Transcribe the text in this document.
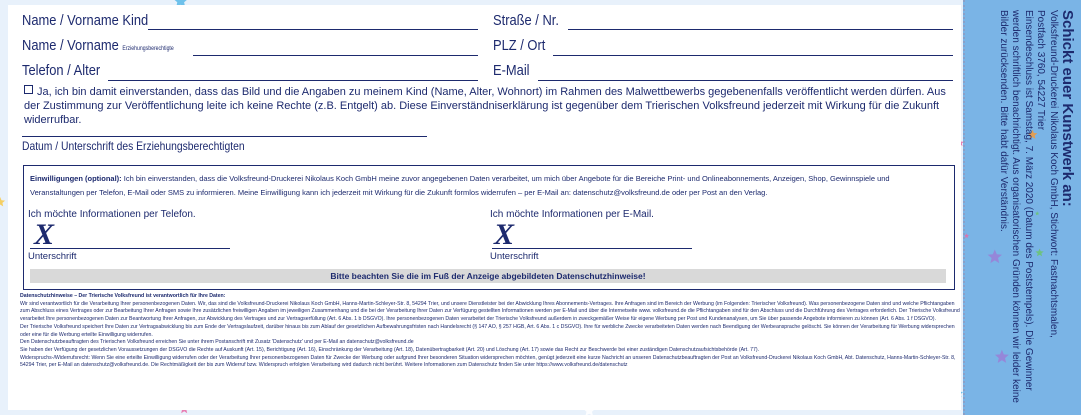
Name / Vorname Kind
Name / Vorname Erziehungsberechtigte
Telefon / Alter
Straße / Nr.
PLZ / Ort
E-Mail
Ja, ich bin damit einverstanden, dass das Bild und die Angaben zu meinem Kind (Name, Alter, Wohnort) im Rahmen des Malwettbewerbs gegebenenfalls veröffentlicht werden dürfen. Aus der Zustimmung zur Veröffentlichung leite ich keine Rechte (z.B. Entgelt) ab. Diese Einverständniserklärung ist gegenüber dem Trierischen Volksfreund jederzeit mit Wirkung für die Zukunft widerrufbar.
Datum / Unterschrift des Erziehungsberechtigten
Einwilligungen (optional): Ich bin einverstanden, dass die Volksfreund-Druckerei Nikolaus Koch GmbH meine zuvor angegebenen Daten verarbeitet, um mich über Angebote für die Bereiche Print- und Onlineabonnements, Anzeigen, Shop, Gewinnspiele und Veranstaltungen per Telefon, E-Mail oder SMS zu informieren. Meine Einwilligung kann ich jederzeit mit Wirkung für die Zukunft formlos widerrufen – per E-Mail an: datenschutz@volksfreund.de oder per Post an den Verlag.
Ich möchte Informationen per Telefon.
X
Unterschrift
Ich möchte Informationen per E-Mail.
X
Unterschrift
Bitte beachten Sie die im Fuß der Anzeige abgebildeten Datenschutzhinweise!

Datenschutzhinweise – Der Trierische Volksfreund ist verantwortlich für Ihre Daten:

Wir sind verantwortlich für die Verarbeitung Ihrer personenbezogenen Daten. Wir, das sind die Volksfreund-Druckerei Nikolaus Koch GmbH, Hanns-Martin-Schleyer-Str. 8, 54294 Trier, und unsere Dienstleister bei der Abwicklung Ihres Abonnements-Vertrages. Ihre Anfragen sind im Bereich der Werbung (im Folgenden: Trierischer Volksfreund). Was personenbezogene Daten sind und welche Pflichtangaben zum Abschluss eines Vertrages oder zur Bearbeitung Ihrer Anfragen sowie Ihre zusätzlichen freiwilligen Angaben im jeweiligen Zusammenhang und die bei der Verarbeitung Ihrer Daten zur Verfügung gestellten Informationen werden per E-Mail und über die Internetseite www. volksfreund.de die Pflichtangaben sind für den Abschluss und die Durchführung des Vertrages erforderlich. Der Trierische Volksfreund verarbeitet Ihre personenbezogenen Daten zur Beantwortung Ihrer Anfragen, zur Abwicklung des Vertrages und zur Vertragserfüllung (Art. 6 Abs. 1 b DSGVO). Ihre personenbezogenen Daten verarbeitet der Trierische Volksfreund außerdem in zweckgemäßer Weise für eigene Werbung per Post und Kundenanalysen, um Sie über passende Angebote informieren zu können (Art. 6 Abs. 1 f DSGVO).

Der Trierische Volksfreund speichert Ihre Daten zur Vertragsabwicklung bis zum Ende der Vertragslaufzeit, darüber hinaus bis zum Ablauf der gesetzlichen Aufbewahrungsfristen nach Handelsrecht (§ 147 AO, § 257 HGB, Art. 6 Abs. 1 c DSGVO). Ihre für werbliche Zwecke verarbeiteten Daten werden nach Beendigung der Werbeansprache gelöscht. Sie können der Verarbeitung für Werbung widersprechen oder eine für die Werbung erteilte Einwilligung widerrufen.

Den Datenschutzbeauftragten des Trierischen Volksfreund erreichen Sie unter ihrem Postanschrift mit Zusatz 'Datenschutz' und per E-Mail an datenschutz@volksfreund.de

Sie haben der Verfügung der gesetzlichen Voraussetzungen der DSGVO die Rechte auf Auskunft (Art. 15), Berichtigung (Art. 16), Einschränkung der Verarbeitung (Art. 18), Datenübertragbarkeit (Art. 20) und Löschung (Art. 17) sowie das Recht zur Beschwerde bei einer zuständigen Datenschutzaufsichtsbehörde (Art. 77).

Widerspruchs-/Widerrufsrecht: Wenn Sie eine erteilte Einwilligung widerrufen oder der Verarbeitung Ihrer personenbezogenen Daten für Zwecke der Werbung oder aufgrund Ihrer besonderen Situation widersprechen möchten, genügt jederzeit eine kurze Nachricht an unseren Datenschutzbeauftragten der Post an Volksfreund-Druckerei Nikolaus Koch GmbH, Abt. Datenschutz, Hanns-Martin-Schleyer-Str. 8, 54294 Trier, per E-Mail an datenschutz@volksfreund.de. Die Rechtmäßigkeit der bis zum Widerruf bzw. Widerspruch erfolgten Verarbeitung wird dadurch nicht berührt. Weitere Informationen zum Datenschutz finden Sie unter https://www.volksfreund.de/datenschutz

Schickt euer Kunstwerk an:
Volksfreund-Druckerei Nikolaus Koch GmbH, Stichwort: Fastnachtsmalen,
Postfach 3760, 54227 Trier
Einsendeschluss ist Samstag, 7. März 2020 (Datum des Poststempels). Die Gewinner
werden schriftlich benachrichtigt. Aus organisatorischen Gründen können wir leider keine
Bilder zurücksenden. Bitte habt dafür Verständnis.
